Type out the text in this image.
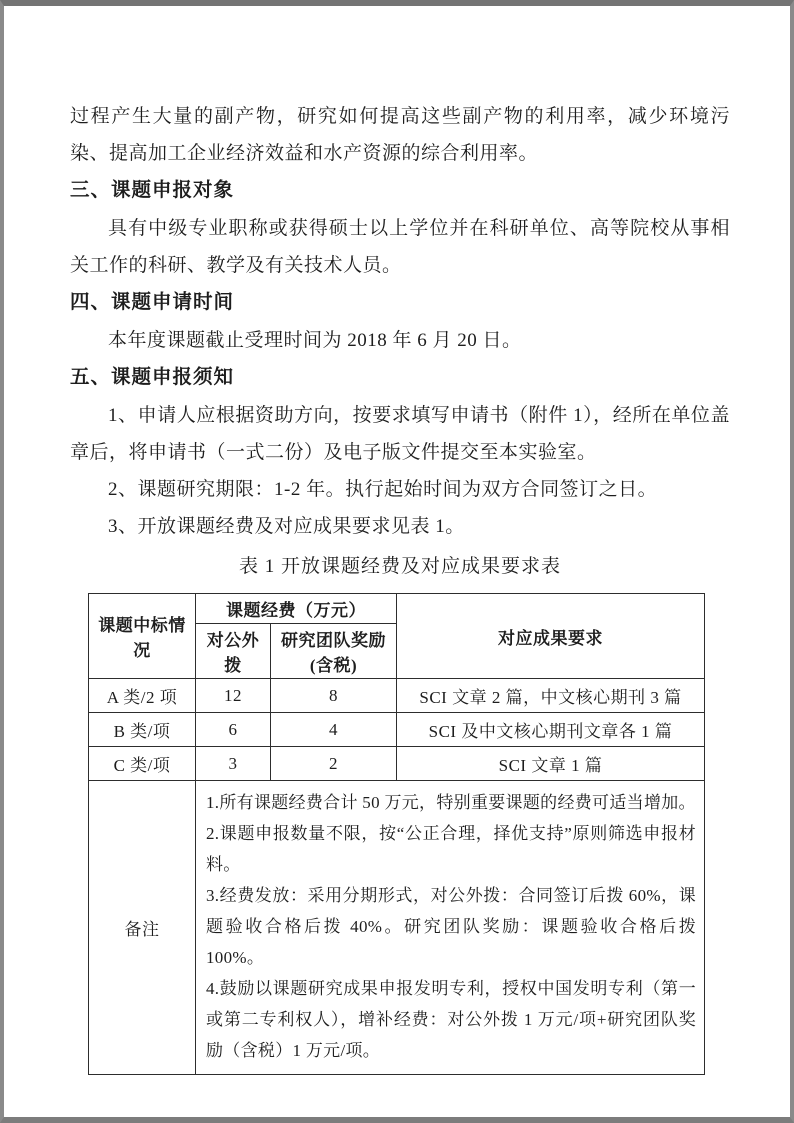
过程产生大量的副产物，研究如何提高这些副产物的利用率，减少环境污染、提高加工企业经济效益和水产资源的综合利用率。

三、课题申报对象

具有中级专业职称或获得硕士以上学位并在科研单位、高等院校从事相关工作的科研、教学及有关技术人员。

四、课题申请时间

本年度课题截止受理时间为 2018 年 6 月 20 日。

五、课题申报须知

1、申请人应根据资助方向，按要求填写申请书（附件 1），经所在单位盖章后，将申请书（一式二份）及电子版文件提交至本实验室。

2、课题研究期限：1-2 年。执行起始时间为双方合同签订之日。

3、开放课题经费及对应成果要求见表 1。

表 1 开放课题经费及对应成果要求表

课题中标情况	课题经费（万元）		对应成果要求
	对公外拨	研究团队奖励(含税)	
A 类/2 项	12	8	SCI 文章 2 篇，中文核心期刊 3 篇
B 类/项	6	4	SCI 及中文核心期刊文章各 1 篇
C 类/项	3	2	SCI 文章 1 篇
备注	1.所有课题经费合计 50 万元，特别重要课题的经费可适当增加。

2.课题申报数量不限，按“公正合理，择优支持”原则筛选申报材料。

3.经费发放：采用分期形式，对公外拨：合同签订后拨 60%，课题验收合格后拨 40%。研究团队奖励：课题验收合格后拨 100%。

4.鼓励以课题研究成果申报发明专利，授权中国发明专利（第一或第二专利权人），增补经费：对公外拨 1 万元/项+研究团队奖励（含税）1 万元/项。		
